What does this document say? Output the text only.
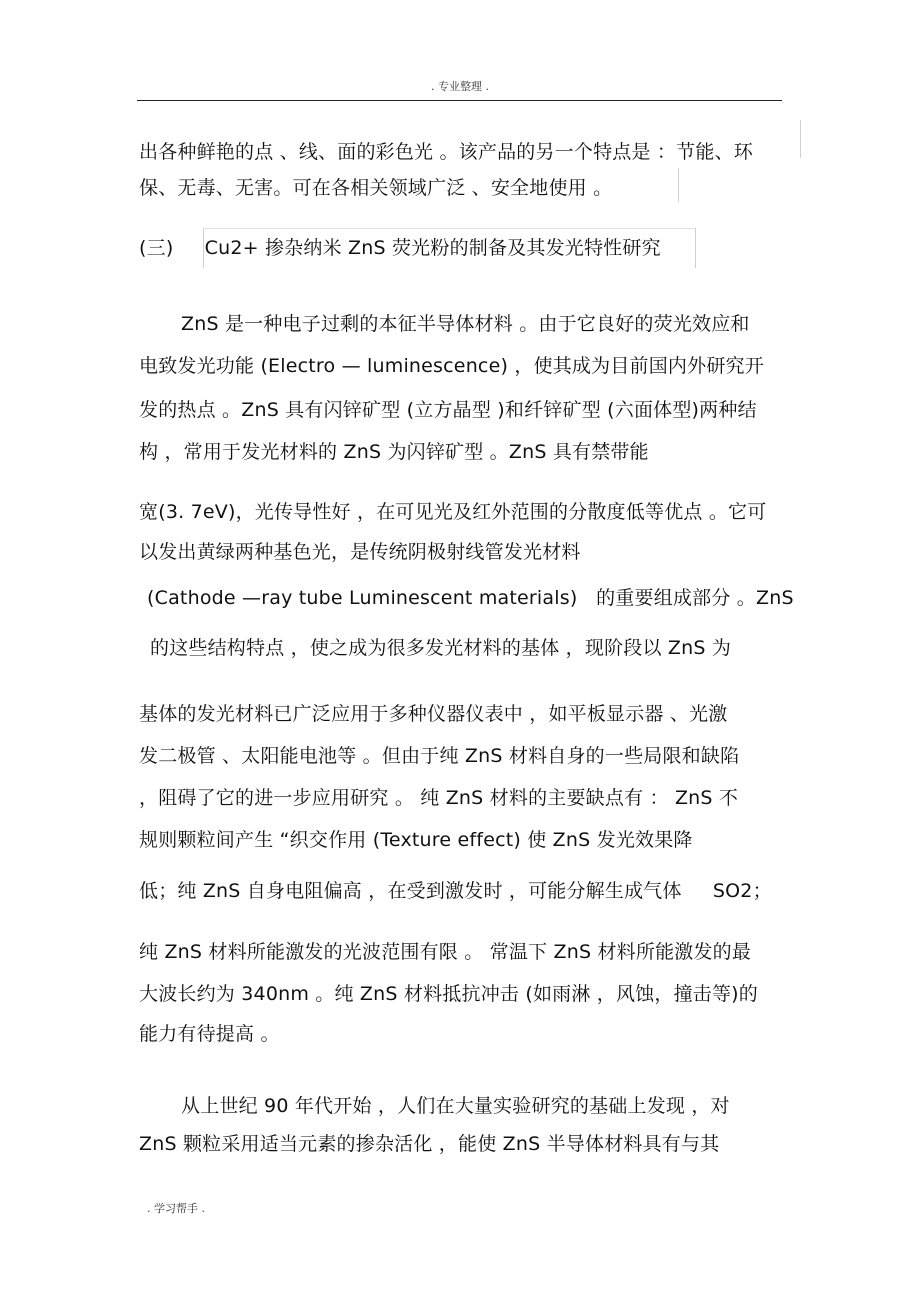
. 专业整理 .
出各种鲜艳的点 、线、面的彩色光 。该产品的另一个特点是 ：节能、环
保、无毒、无害。可在各相关领域广泛 、安全地使用 。
(三)     Cu2+ 掺杂纳米 ZnS 荧光粉的制备及其发光特性研究
ZnS 是一种电子过剩的本征半导体材料 。由于它良好的荧光效应和
电致发光功能 (Electro — luminescence) ，使其成为目前国内外研究开
发的热点 。ZnS 具有闪锌矿型 (立方晶型 )和纤锌矿型 (六面体型)两种结
构 ，常用于发光材料的 ZnS 为闪锌矿型 。ZnS 具有禁带能
宽(3. 7eV)，光传导性好 ，在可见光及红外范围的分散度低等优点 。它可
以发出黄绿两种基色光，是传统阴极射线管发光材料
(Cathode —ray tube Luminescent materials)   的重要组成部分 。ZnS
的这些结构特点 ，使之成为很多发光材料的基体 ，现阶段以 ZnS 为
基体的发光材料已广泛应用于多种仪器仪表中 ，如平板显示器 、光激
发二极管 、太阳能电池等 。但由于纯 ZnS 材料自身的一些局限和缺陷
，阻碍了它的进一步应用研究 。 纯 ZnS 材料的主要缺点有 ： ZnS 不
规则颗粒间产生 “织交作用 (Texture effect) 使 ZnS 发光效果降
低；纯 ZnS 自身电阻偏高 ，在受到激发时 ，可能分解生成气体     SO2；
纯 ZnS 材料所能激发的光波范围有限 。 常温下 ZnS 材料所能激发的最
大波长约为 340nm 。纯 ZnS 材料抵抗冲击 (如雨淋 ，风蚀，撞击等)的
能力有待提高 。
从上世纪 90 年代开始 ，人们在大量实验研究的基础上发现 ，对
ZnS 颗粒采用适当元素的掺杂活化 ，能使 ZnS 半导体材料具有与其
. 学习帮手 .
